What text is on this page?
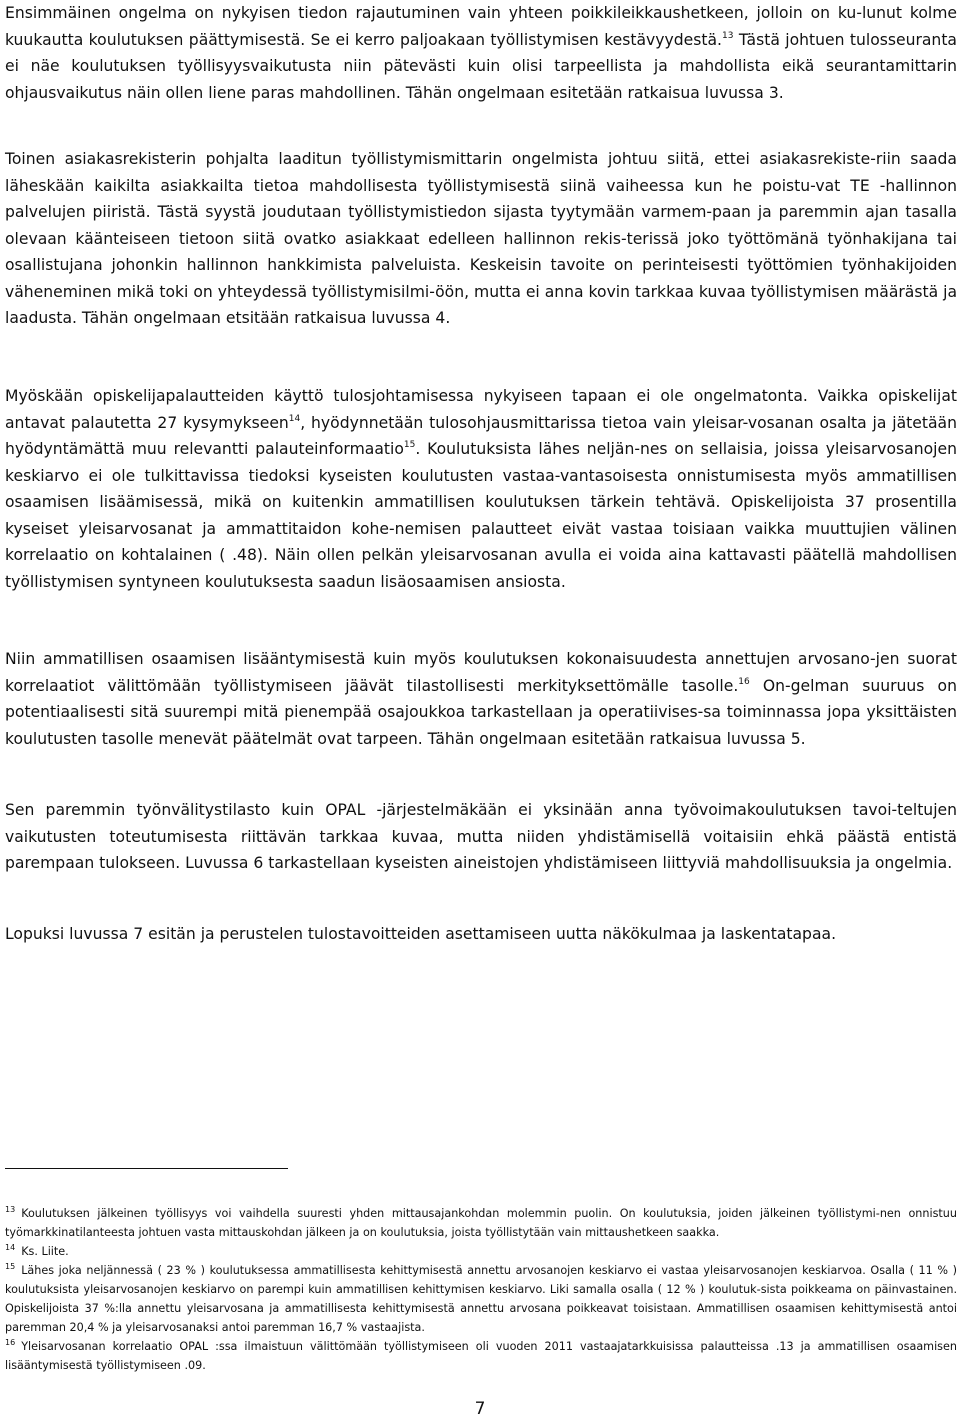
Ensimmäinen ongelma on nykyisen tiedon rajautuminen vain yhteen poikkileikkaushetkeen, jolloin on ku-lunut kolme kuukautta koulutuksen päättymisestä. Se ei kerro paljoakaan työllistymisen kestävyydestä.$^{13}$ Tästä johtuen tulosseuranta ei näe koulutuksen työllisyysvaikutusta niin pätevästi kuin olisi tarpeellista ja mahdollista eikä seurantamittarin ohjausvaikutus näin ollen liene paras mahdollinen. Tähän ongelmaan esitetään ratkaisua luvussa 3.

Toinen asiakasrekisterin pohjalta laaditun työllistymismittarin ongelmista johtuu siitä, ettei asiakasrekiste-riin saada läheskään kaikilta asiakkailta tietoa mahdollisesta työllistymisestä siinä vaiheessa kun he poistu-vat TE -hallinnon palvelujen piiristä. Tästä syystä joudutaan työllistymistiedon sijasta tyytymään varmem-paan ja paremmin ajan tasalla olevaan käänteiseen tietoon siitä ovatko asiakkaat edelleen hallinnon rekis-terissä joko työttömänä työnhakijana tai osallistujana johonkin hallinnon hankkimista palveluista. Keskeisin tavoite on perinteisesti työttömien työnhakijoiden väheneminen mikä toki on yhteydessä työllistymisilmi-öön, mutta ei anna kovin tarkkaa kuvaa työllistymisen määrästä ja laadusta. Tähän ongelmaan etsitään ratkaisua luvussa 4.

Myöskään opiskelijapalautteiden käyttö tulosjohtamisessa nykyiseen tapaan ei ole ongelmatonta. Vaikka opiskelijat antavat palautetta 27 kysymykseen$^{14}$, hyödynnetään tulosohjausmittarissa tietoa vain yleisar-vosanan osalta ja jätetään hyödyntämättä muu relevantti palauteinformaatio$^{15}$. Koulutuksista lähes neljän-nes on sellaisia, joissa yleisarvosanojen keskiarvo ei ole tulkittavissa tiedoksi kyseisten koulutusten vastaa-vantasoisesta onnistumisesta myös ammatillisen osaamisen lisäämisessä, mikä on kuitenkin ammatillisen koulutuksen tärkein tehtävä. Opiskelijoista 37 prosentilla kyseiset yleisarvosanat ja ammattitaidon kohe-nemisen palautteet eivät vastaa toisiaan vaikka muuttujien välinen korrelaatio on kohtalainen ( .48). Näin ollen pelkän yleisarvosanan avulla ei voida aina kattavasti päätellä mahdollisen työllistymisen syntyneen koulutuksesta saadun lisäosaamisen ansiosta.

Niin ammatillisen osaamisen lisääntymisestä kuin myös koulutuksen kokonaisuudesta annettujen arvosano-jen suorat korrelaatiot välittömään työllistymiseen jäävät tilastollisesti merkityksettömälle tasolle.$^{16}$ On-gelman suuruus on potentiaalisesti sitä suurempi mitä pienempää osajoukkoa tarkastellaan ja operatiivises-sa toiminnassa jopa yksittäisten koulutusten tasolle menevät päätelmät ovat tarpeen. Tähän ongelmaan esitetään ratkaisua luvussa 5.

Sen paremmin työnvälitystilasto kuin OPAL -järjestelmäkään ei yksinään anna työvoimakoulutuksen tavoi-teltujen vaikutusten toteutumisesta riittävän tarkkaa kuvaa, mutta niiden yhdistämisellä voitaisiin ehkä päästä entistä parempaan tulokseen. Luvussa 6 tarkastellaan kyseisten aineistojen yhdistämiseen liittyviä mahdollisuuksia ja ongelmia.

Lopuksi luvussa 7 esitän ja perustelen tulostavoitteiden asettamiseen uutta näkökulmaa ja laskentatapaa.

$^{13}$ Koulutuksen jälkeinen työllisyys voi vaihdella suuresti yhden mittausajankohdan molemmin puolin. On koulutuksia, joiden jälkeinen työllistymi-nen onnistuu työmarkkinatilanteesta johtuen vasta mittauskohdan jälkeen ja on koulutuksia, joista työllistytään vain mittaushetkeen saakka.

$^{14}$ Ks. Liite.

$^{15}$ Lähes joka neljännessä ( 23 % ) koulutuksessa ammatillisesta kehittymisestä annettu arvosanojen keskiarvo ei vastaa yleisarvosanojen keskiarvoa. Osalla ( 11 % ) koulutuksista yleisarvosanojen keskiarvo on parempi kuin ammatillisen kehittymisen keskiarvo. Liki samalla osalla ( 12 % ) koulutuk-sista poikkeama on päinvastainen. Opiskelijoista 37 %:lla annettu yleisarvosana ja ammatillisesta kehittymisestä annettu arvosana poikkeavat toisistaan. Ammatillisen osaamisen kehittymisestä antoi paremman 20,4 % ja yleisarvosanaksi antoi paremman 16,7 % vastaajista.

$^{16}$ Yleisarvosanan korrelaatio OPAL :ssa ilmaistuun välittömään työllistymiseen oli vuoden 2011 vastaajatarkkuisissa palautteissa .13 ja ammatillisen osaamisen lisääntymisestä työllistymiseen .09.

7
